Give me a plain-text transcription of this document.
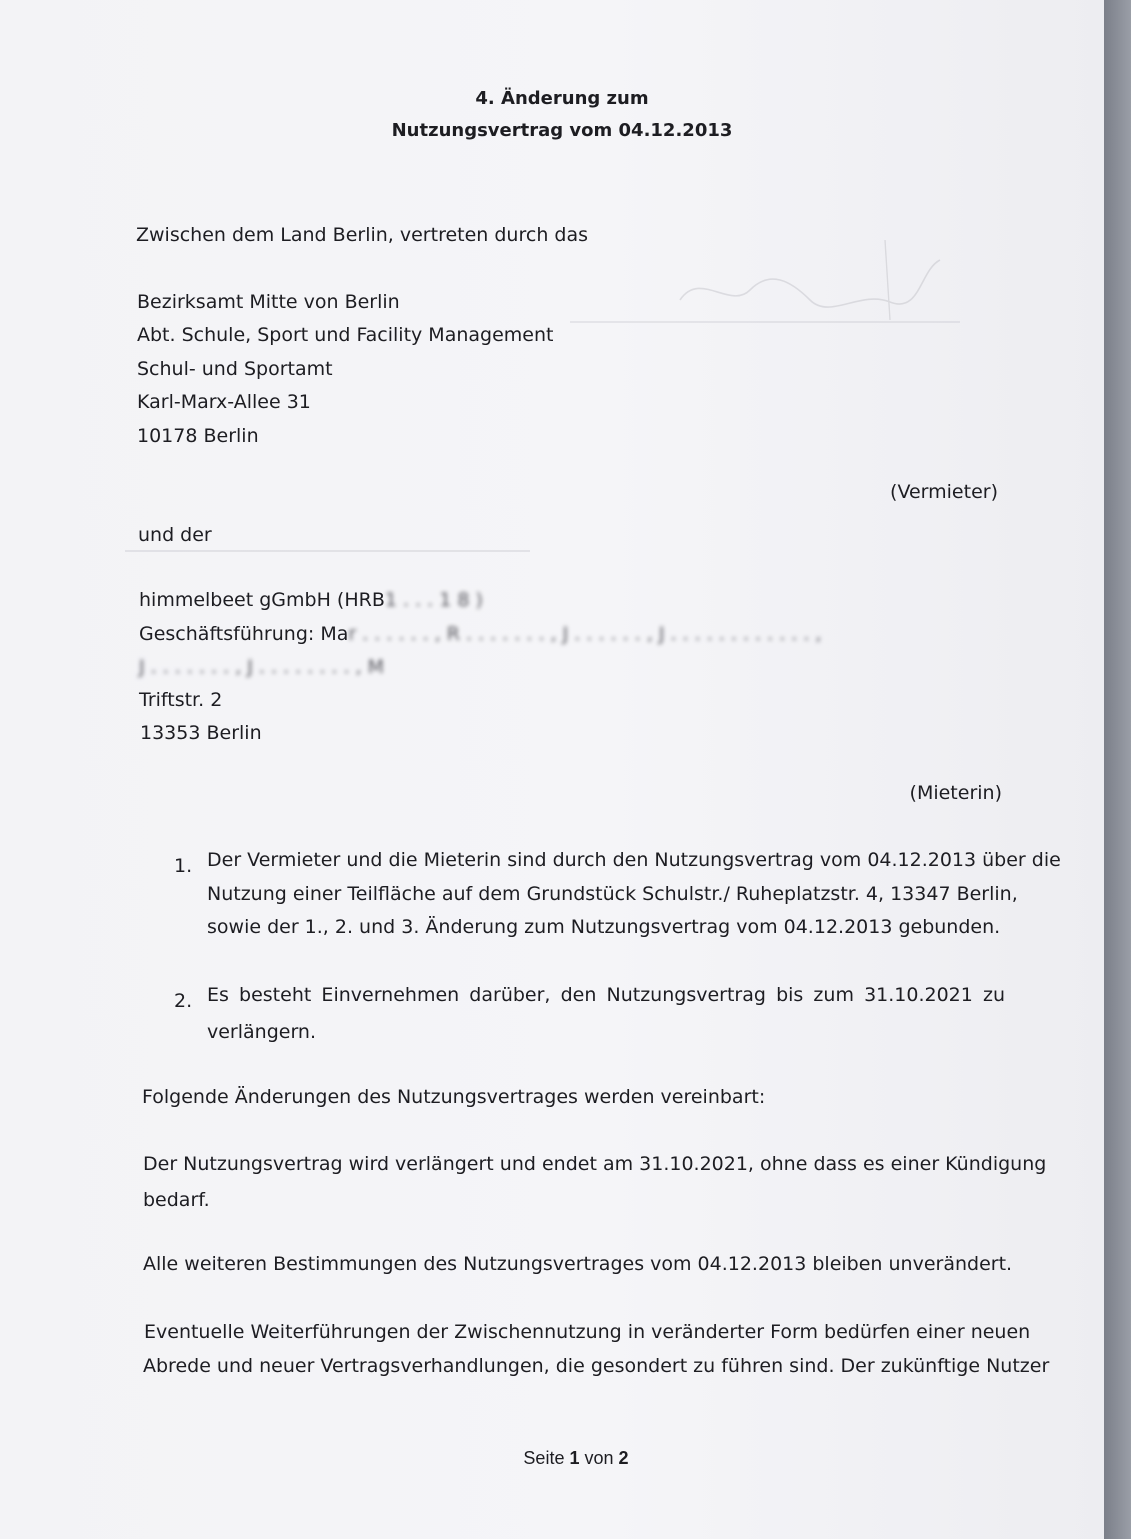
4. Änderung zum
Nutzungsvertrag vom 04.12.2013
Zwischen dem Land Berlin, vertreten durch das
Bezirksamt Mitte von Berlin
Abt. Schule, Sport und Facility Management
Schul- und Sportamt
Karl-Marx-Allee 31
10178 Berlin
(Vermieter)
und der
himmelbeet gGmbH (HRB1 . . . 1 8 )
Geschäftsführung: Mar . . . . . . , R . . . . . . . , J . . . . . . , J . . . . . . . . . . . . ,
J . . . . . . . , J . . . . . . . . , M
Triftstr. 2
13353 Berlin
(Mieterin)
1. Der Vermieter und die Mieterin sind durch den Nutzungsvertrag vom 04.12.2013 über die
Nutzung einer Teilfläche auf dem Grundstück Schulstr./ Ruheplatzstr. 4, 13347 Berlin,
sowie der 1., 2. und 3. Änderung zum Nutzungsvertrag vom 04.12.2013 gebunden.
2. Es besteht Einvernehmen darüber, den Nutzungsvertrag bis zum 31.10.2021 zu
verlängern.
Folgende Änderungen des Nutzungsvertrages werden vereinbart:
Der Nutzungsvertrag wird verlängert und endet am 31.10.2021, ohne dass es einer Kündigung
bedarf.
Alle weiteren Bestimmungen des Nutzungsvertrages vom 04.12.2013 bleiben unverändert.
Eventuelle Weiterführungen der Zwischennutzung in veränderter Form bedürfen einer neuen
Abrede und neuer Vertragsverhandlungen, die gesondert zu führen sind. Der zukünftige Nutzer
Seite 1 von 2
